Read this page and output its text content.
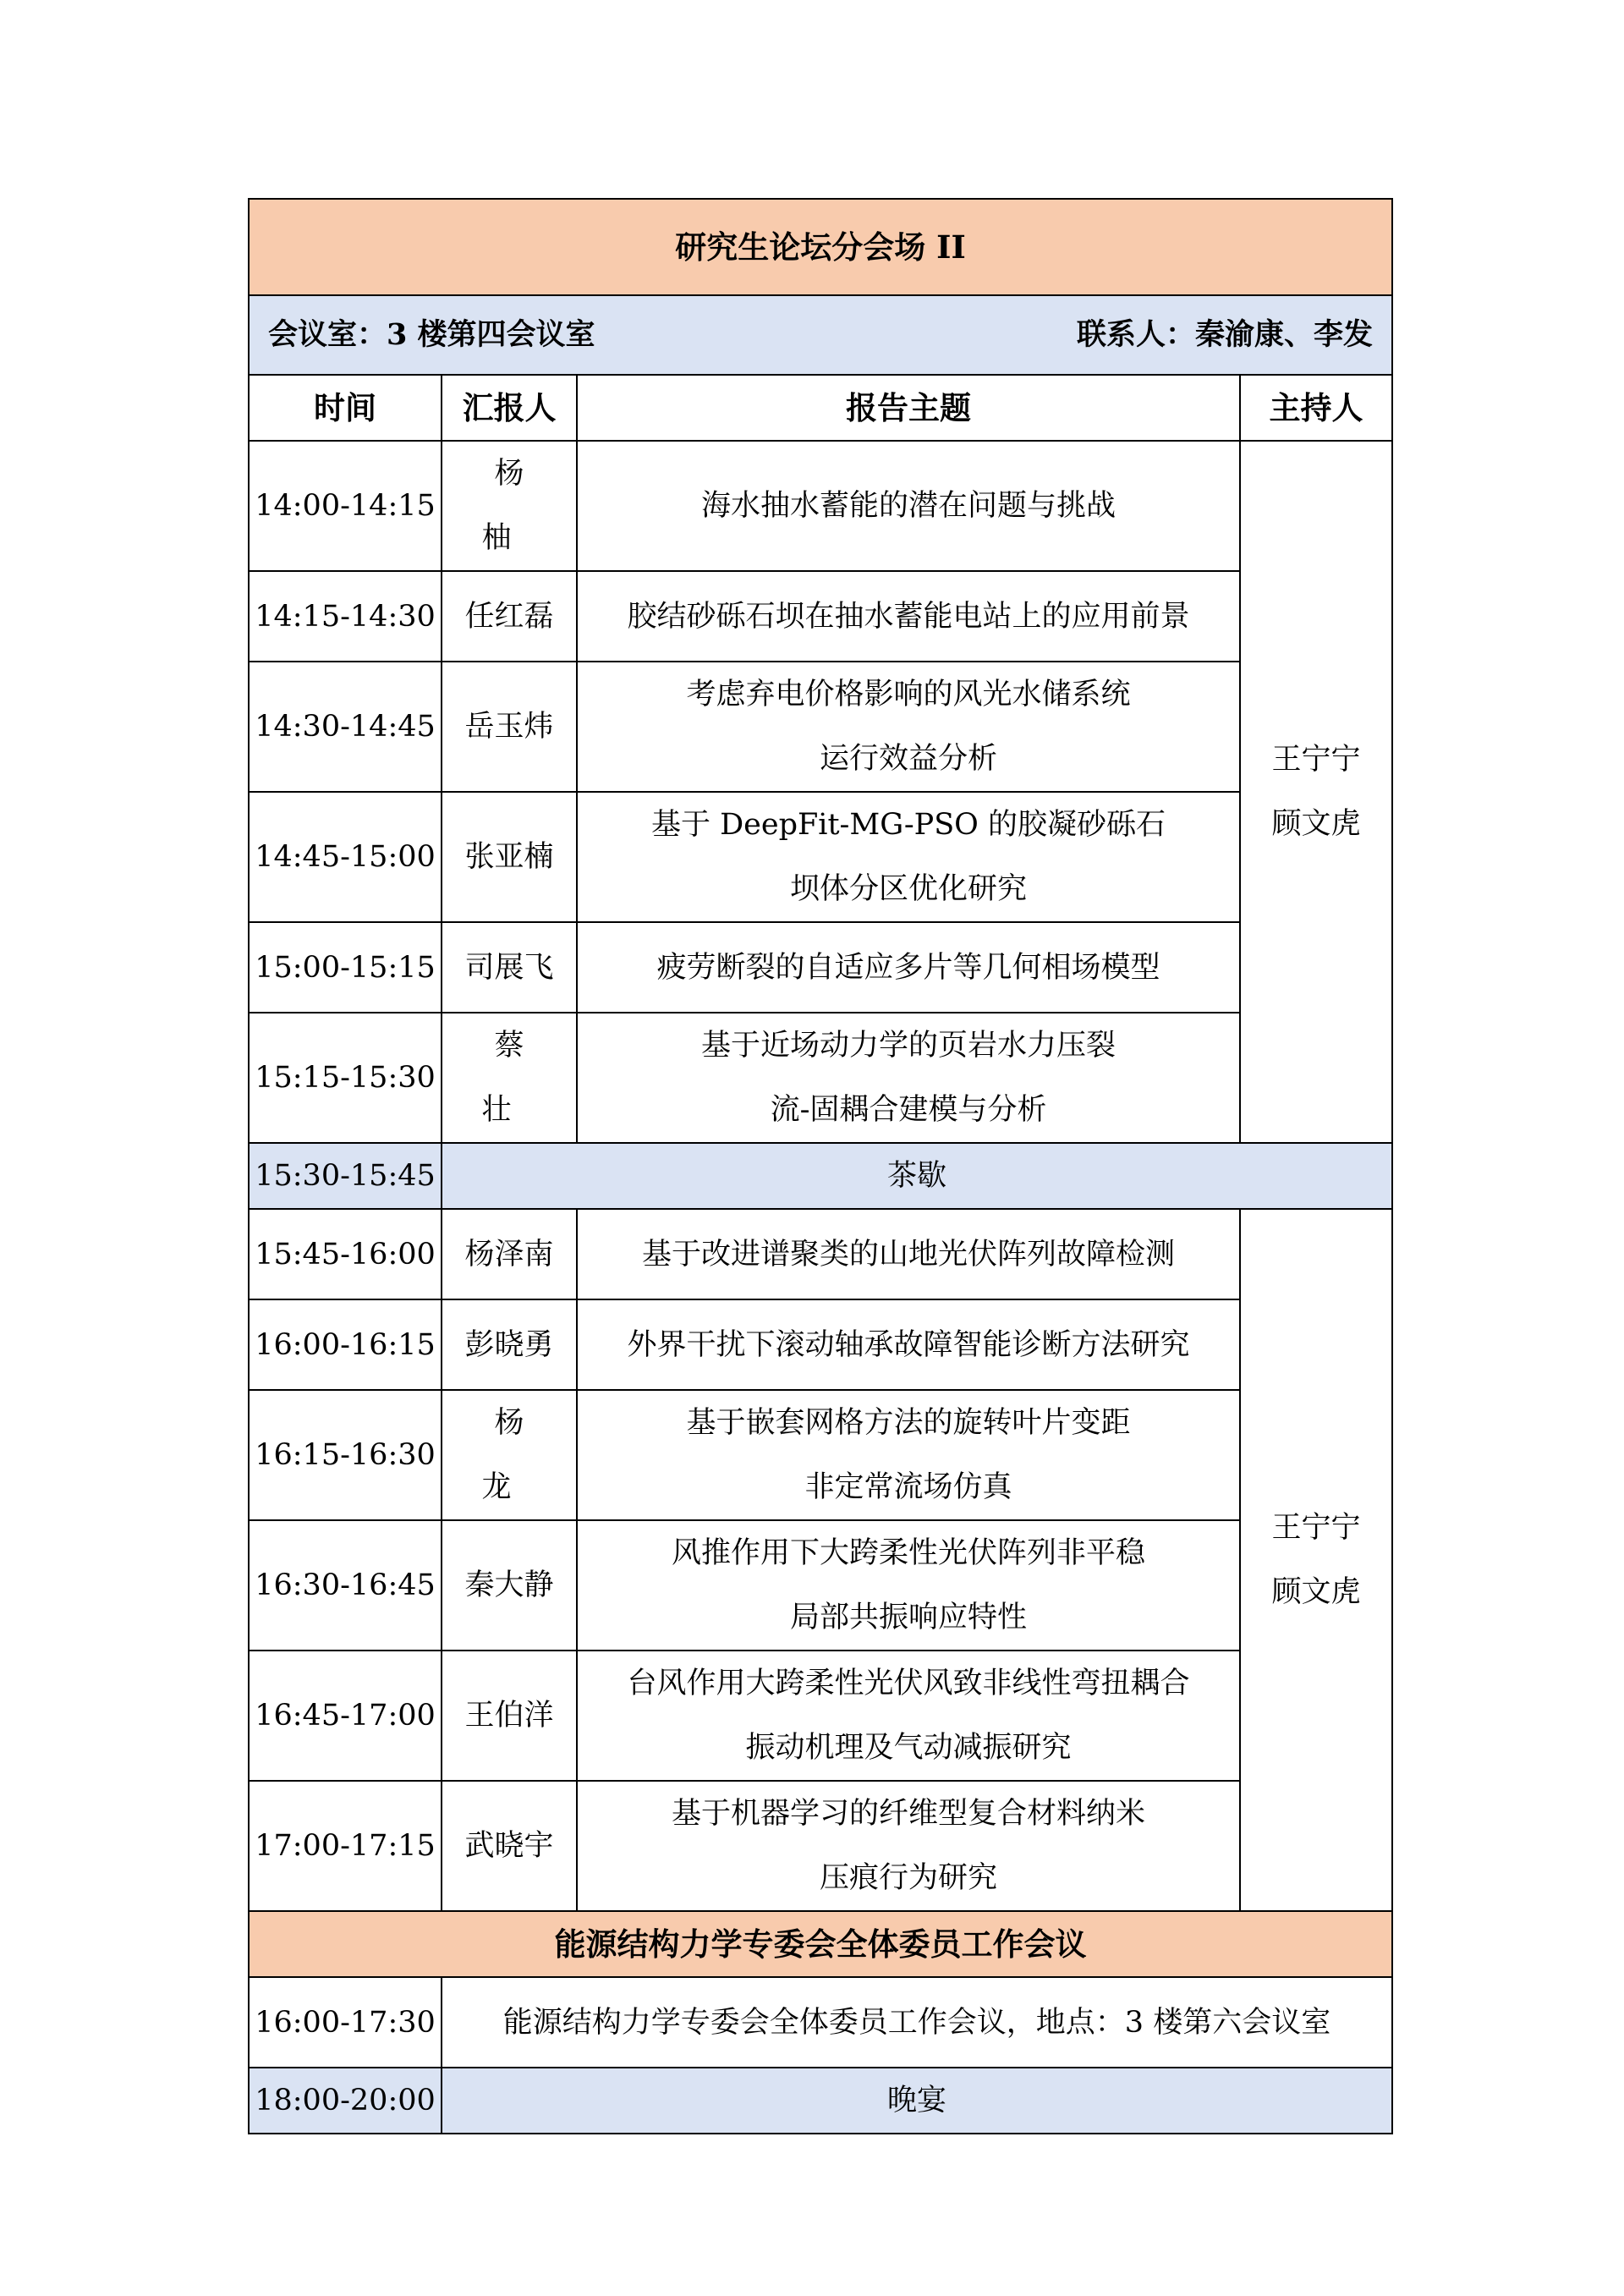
研究生论坛分会场 II			
会议室：3 楼第四会议室 联系人：秦渝康、李发			

时间	汇报人	报告主题	主持人
14:00-14:15	杨柚	海水抽水蓄能的潜在问题与挑战	王宁宁
顾文虎

14:15-14:30	任红磊	胶结砂砾石坝在抽水蓄能电站上的应用前景	

14:30-14:45	岳玉炜	考虑弃电价格影响的风光水储系统
运行效益分析	

14:45-15:00	张亚楠	基于 DeepFit-MG-PSO 的胶凝砂砾石
坝体分区优化研究	

15:00-15:15	司展飞	疲劳断裂的自适应多片等几何相场模型	

15:15-15:30	蔡壮	基于近场动力学的页岩水力压裂
流-固耦合建模与分析	

15:30-15:45	茶歇		
15:45-16:00	杨泽南	基于改进谱聚类的山地光伏阵列故障检测	王宁宁
顾文虎

16:00-16:15	彭晓勇	外界干扰下滚动轴承故障智能诊断方法研究	

16:15-16:30	杨龙	基于嵌套网格方法的旋转叶片变距
非定常流场仿真	

16:30-16:45	秦大静	风推作用下大跨柔性光伏阵列非平稳
局部共振响应特性	

16:45-17:00	王伯洋	台风作用大跨柔性光伏风致非线性弯扭耦合
振动机理及气动减振研究	

17:00-17:15	武晓宇	基于机器学习的纤维型复合材料纳米
压痕行为研究	

能源结构力学专委会全体委员工作会议			
16:00-17:30	能源结构力学专委会全体委员工作会议，地点：3 楼第六会议室		
18:00-20:00	晚宴		
